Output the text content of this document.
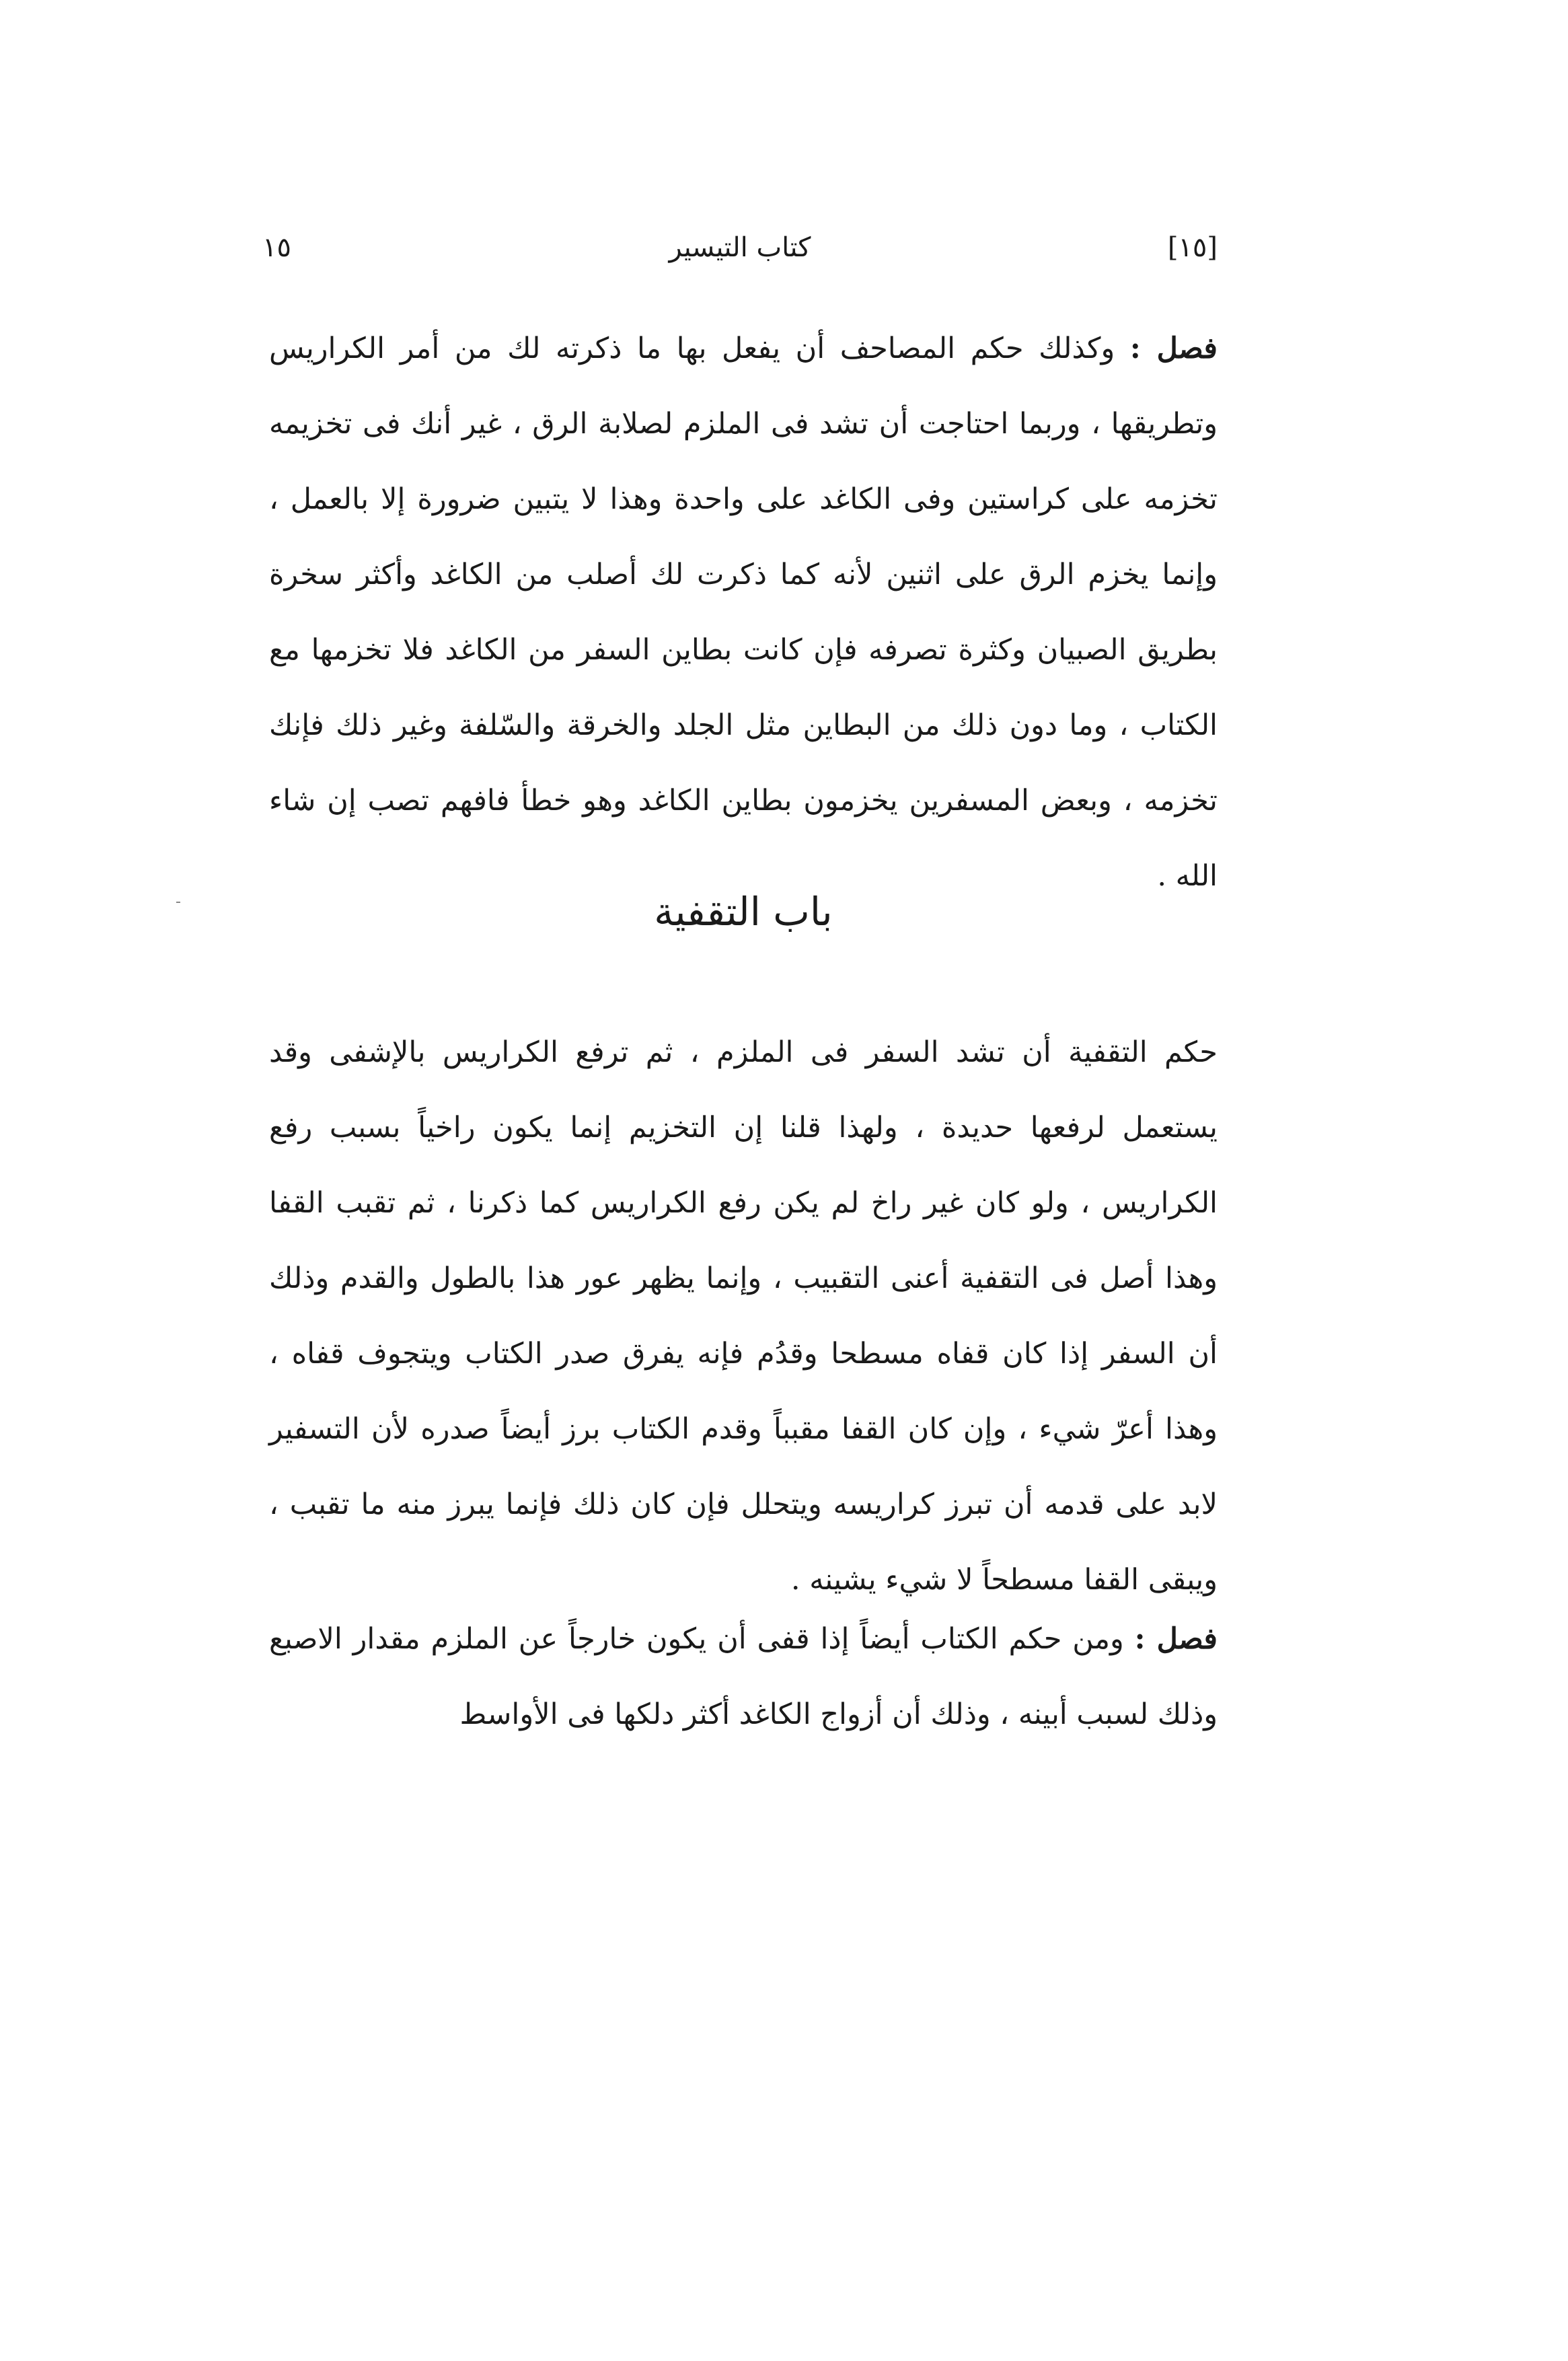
[١٥]
كتاب التيسير
١٥

فصل : وكذلك حكم المصاحف أن يفعل بها ما ذكرته لك من أمر الكراريس وتطريقها ، وربما احتاجت أن تشد فى الملزم لصلابة الرق ، غير أنك فى تخزيمه تخزمه على كراستين وفى الكاغد على واحدة وهذا لا يتبين ضرورة إلا بالعمل ، وإنما يخزم الرق على اثنين لأنه كما ذكرت لك أصلب من الكاغد وأكثر سخرة بطريق الصبيان وكثرة تصرفه فإن كانت بطاين السفر من الكاغد فلا تخزمها مع الكتاب ، وما دون ذلك من البطاين مثل الجلد والخرقة والسّلفة وغير ذلك فإنك تخزمه ، وبعض المسفرين يخزمون بطاين الكاغد وهو خطأ فافهم تصب إن شاء الله .

باب التقفية

حكم التقفية أن تشد السفر فى الملزم ، ثم ترفع الكراريس بالإشفى وقد يستعمل لرفعها حديدة ، ولهذا قلنا إن التخزيم إنما يكون راخياً بسبب رفع الكراريس ، ولو كان غير راخ لم يكن رفع الكراريس كما ذكرنا ، ثم تقبب القفا وهذا أصل فى التقفية أعنى التقبيب ، وإنما يظهر عور هذا بالطول والقدم وذلك أن السفر إذا كان قفاه مسطحا وقدُم فإنه يفرق صدر الكتاب ويتجوف قفاه ، وهذا أعرّ شيء ، وإن كان القفا مقبباً وقدم الكتاب برز أيضاً صدره لأن التسفير لابد على قدمه أن تبرز كراريسه ويتحلل فإن كان ذلك فإنما يبرز منه ما تقبب ، ويبقى القفا مسطحاً لا شيء يشينه .

فصل : ومن حكم الكتاب أيضاً إذا قفى أن يكون خارجاً عن الملزم مقدار الاصبع وذلك لسبب أبينه ، وذلك أن أزواج الكاغد أكثر دلكها فى الأواسط
